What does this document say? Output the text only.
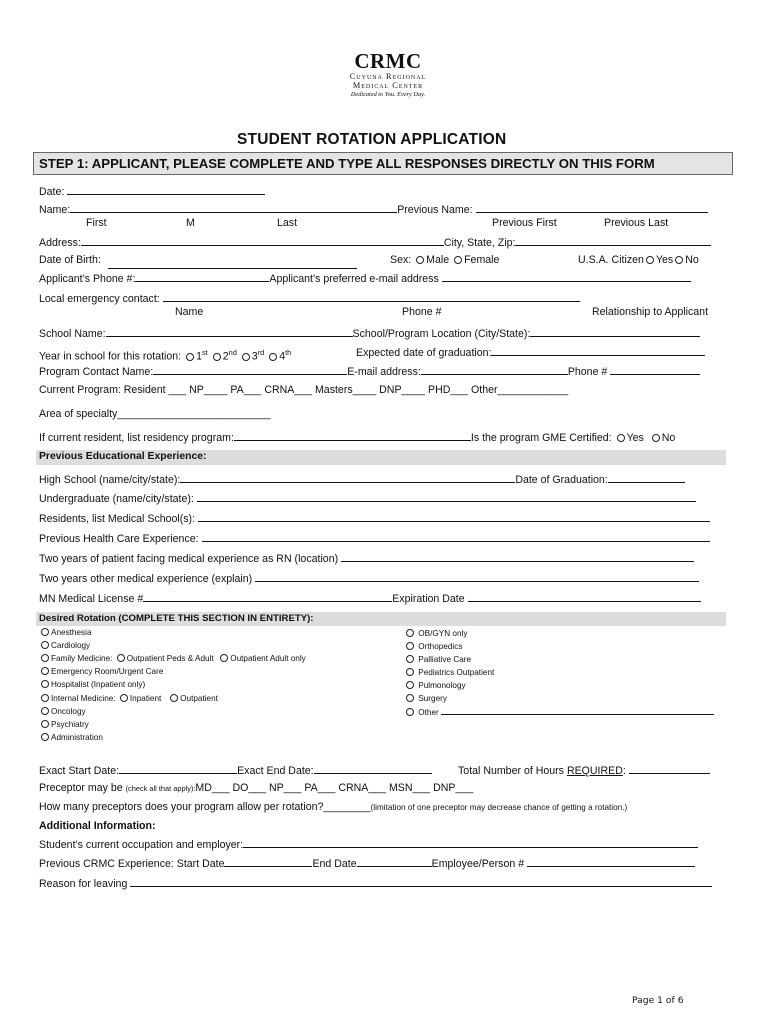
CRMC
Cuyuna Regional
Medical Center
Dedicated to You. Every Day.
STUDENT ROTATION APPLICATION
STEP 1: APPLICANT, PLEASE COMPLETE AND TYPE ALL RESPONSES DIRECTLY ON THIS FORM
Date:
Name:	Previous Name:
First	M	Last	Previous First	Previous Last
Address:	City, State, Zip:
Date of Birth:	Sex: Male Female	U.S.A. Citizen Yes No
Applicant’s Phone #:	Applicant’s preferred e-mail address
Local emergency contact:
Name	Phone #	Relationship to Applicant
School Name:	School/Program Location (City/State):
Year in school for this rotation: 1st 2nd 3rd 4th	Expected date of graduation:
Program Contact Name:	E-mail address:	Phone #
Current Program: Resident ___ NP____ PA___ CRNA___ Masters____ DNP____ PHD___ Other____________
Area of specialty__________________________
If current resident, list residency program:	Is the program GME Certified: Yes No
Previous Educational Experience:
High School (name/city/state):	Date of Graduation:
Undergraduate (name/city/state):
Residents, list Medical School(s):
Previous Health Care Experience:
Two years of patient facing medical experience as RN (location)
Two years other medical experience (explain)
MN Medical License #	Expiration Date
Desired Rotation (COMPLETE THIS SECTION IN ENTIRETY):
Anesthesia
Cardiology
Family Medicine: Outpatient Peds & Adult Outpatient Adult only
Emergency Room/Urgent Care
Hospitalist (Inpatient only)
Internal Medicine: Inpatient Outpatient
Oncology
Psychiatry
Administration
OB/GYN only
Orthopedics
Palliative Care
Pediatrics Outpatient
Pulmonology
Surgery
Other
Exact Start Date:	Exact End Date:	Total Number of Hours REQUIRED:
Preceptor may be (check all that apply):MD___ DO___ NP___ PA___ CRNA___ MSN___ DNP___
How many preceptors does your program allow per rotation?________(limitation of one preceptor may decrease chance of getting a rotation.)
Additional Information:
Student’s current occupation and employer:
Previous CRMC Experience: Start Date	End Date	Employee/Person #
Reason for leaving
Page 1 of 6
